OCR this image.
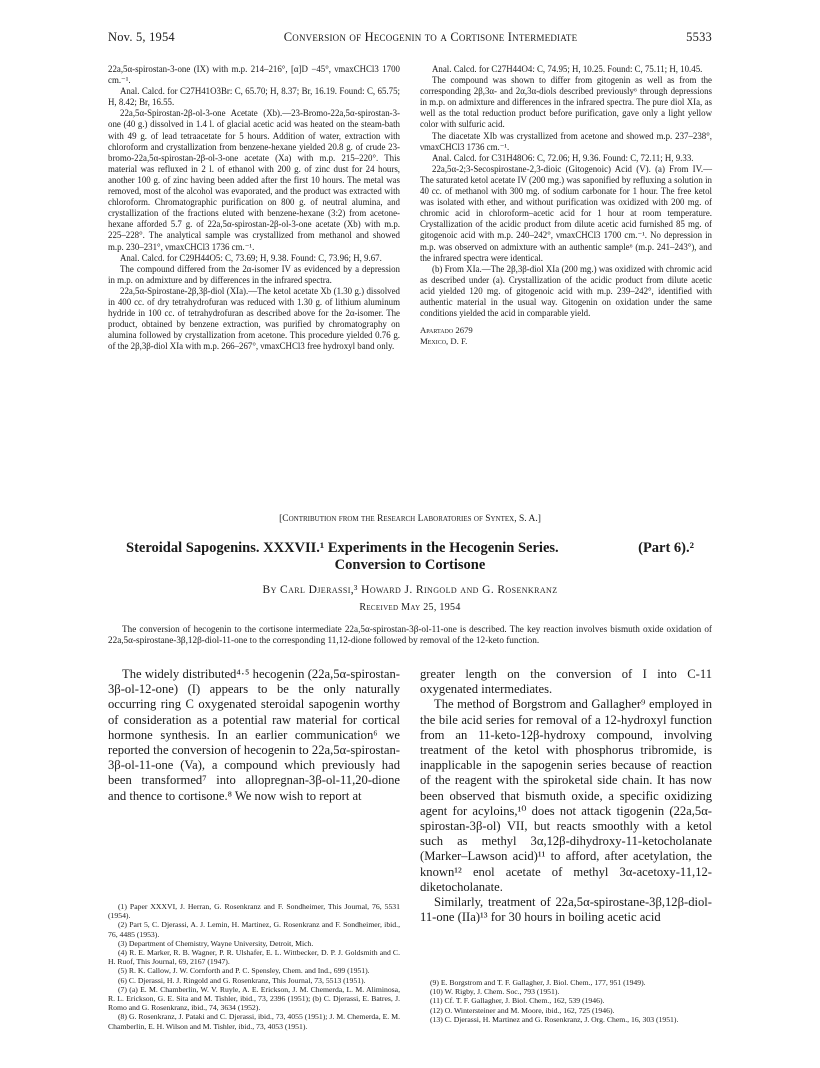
Nov. 5, 1954	Conversion of Hecogenin to a Cortisone Intermediate	5533

22a,5α-spirostan-3-one (IX) with m.p. 214–216°, [α]D −45°, νmaxCHCl3 1700 cm.⁻¹.

Anal. Calcd. for C27H41O3Br: C, 65.70; H, 8.37; Br, 16.19. Found: C, 65.75; H, 8.42; Br, 16.55.

22a,5α-Spirostan-2β-ol-3-one Acetate (Xb).—23-Bromo-22a,5α-spirostan-3-one (40 g.) dissolved in 1.4 l. of glacial acetic acid was heated on the steam-bath with 49 g. of lead tetraacetate for 5 hours. Addition of water, extraction with chloroform and crystallization from benzene-hexane yielded 20.8 g. of crude 23-bromo-22a,5α-spirostan-2β-ol-3-one acetate (Xa) with m.p. 215–220°. This material was refluxed in 2 l. of ethanol with 200 g. of zinc dust for 24 hours, another 100 g. of zinc having been added after the first 10 hours. The metal was removed, most of the alcohol was evaporated, and the product was extracted with chloroform. Chromatographic purification on 800 g. of neutral alumina, and crystallization of the fractions eluted with benzene-hexane (3:2) from acetone-hexane afforded 5.7 g. of 22a,5α-spirostan-2β-ol-3-one acetate (Xb) with m.p. 225–228°. The analytical sample was crystallized from methanol and showed m.p. 230–231°, νmaxCHCl3 1736 cm.⁻¹.

Anal. Calcd. for C29H44O5: C, 73.69; H, 9.38. Found: C, 73.96; H, 9.67.

The compound differed from the 2α-isomer IV as evidenced by a depression in m.p. on admixture and by differences in the infrared spectra.

22a,5α-Spirostane-2β,3β-diol (XIa).—The ketol acetate Xb (1.30 g.) dissolved in 400 cc. of dry tetrahydrofuran was reduced with 1.30 g. of lithium aluminum hydride in 100 cc. of tetrahydrofuran as described above for the 2α-isomer. The product, obtained by benzene extraction, was purified by chromatography on alumina followed by crystallization from acetone. This procedure yielded 0.76 g. of the 2β,3β-diol XIa with m.p. 266–267°, νmaxCHCl3 free hydroxyl band only.

Anal. Calcd. for C27H44O4: C, 74.95; H, 10.25. Found: C, 75.11; H, 10.45.

The compound was shown to differ from gitogenin as well as from the corresponding 2β,3α- and 2α,3α-diols described previously⁶ through depressions in m.p. on admixture and differences in the infrared spectra. The pure diol XIa, as well as the total reduction product before purification, gave only a light yellow color with sulfuric acid.

The diacetate XIb was crystallized from acetone and showed m.p. 237–238°, νmaxCHCl3 1736 cm.⁻¹.

Anal. Calcd. for C31H48O6: C, 72.06; H, 9.36. Found: C, 72.11; H, 9.33.

22a,5α-2;3-Secospirostane-2,3-dioic (Gitogenoic) Acid (V). (a) From IV.—The saturated ketol acetate IV (200 mg.) was saponified by refluxing a solution in 40 cc. of methanol with 300 mg. of sodium carbonate for 1 hour. The free ketol was isolated with ether, and without purification was oxidized with 200 mg. of chromic acid in chloroform–acetic acid for 1 hour at room temperature. Crystallization of the acidic product from dilute acetic acid furnished 85 mg. of gitogenoic acid with m.p. 240–242°, νmaxCHCl3 1700 cm.⁻¹. No depression in m.p. was observed on admixture with an authentic sample⁶ (m.p. 241–243°), and the infrared spectra were identical.

(b) From XIa.—The 2β,3β-diol XIa (200 mg.) was oxidized with chromic acid as described under (a). Crystallization of the acidic product from dilute acetic acid yielded 120 mg. of gitogenoic acid with m.p. 239–242°, identified with authentic material in the usual way. Gitogenin on oxidation under the same conditions yielded the acid in comparable yield.

Apartado 2679
Mexico, D. F.
[Contribution from the Research Laboratories of Syntex, S. A.]
Steroidal Sapogenins. XXXVII.¹ Experiments in the Hecogenin Series.	(Part 6).²
Conversion to Cortisone
By Carl Djerassi,³ Howard J. Ringold and G. Rosenkranz
Received May 25, 1954
The conversion of hecogenin to the cortisone intermediate 22a,5α-spirostan-3β-ol-11-one is described. The key reaction involves bismuth oxide oxidation of 22a,5α-spirostane-3β,12β-diol-11-one to the corresponding 11,12-dione followed by removal of the 12-keto function.

The widely distributed⁴·⁵ hecogenin (22a,5α-spirostan-3β-ol-12-one) (I) appears to be the only naturally occurring ring C oxygenated steroidal sapogenin worthy of consideration as a potential raw material for cortical hormone synthesis. In an earlier communication⁶ we reported the conversion of hecogenin to 22a,5α-spirostan-3β-ol-11-one (Va), a compound which previously had been transformed⁷ into allopregnan-3β-ol-11,20-dione and thence to cortisone.⁸ We now wish to report at

greater length on the conversion of I into C-11 oxygenated intermediates.

The method of Borgstrom and Gallagher⁹ employed in the bile acid series for removal of a 12-hydroxyl function from an 11-keto-12β-hydroxy compound, involving treatment of the ketol with phosphorus tribromide, is inapplicable in the sapogenin series because of reaction of the reagent with the spiroketal side chain. It has now been observed that bismuth oxide, a specific oxidizing agent for acyloins,¹⁰ does not attack tigogenin (22a,5α-spirostan-3β-ol) VII, but reacts smoothly with a ketol such as methyl 3α,12β-dihydroxy-11-ketocholanate (Marker–Lawson acid)¹¹ to afford, after acetylation, the known¹² enol acetate of methyl 3α-acetoxy-11,12-diketocholanate.

Similarly, treatment of 22a,5α-spirostane-3β,12β-diol-11-one (IIa)¹³ for 30 hours in boiling acetic acid

(1) Paper XXXVI, J. Herran, G. Rosenkranz and F. Sondheimer, This Journal, 76, 5531 (1954).
(2) Part 5, C. Djerassi, A. J. Lemin, H. Martinez, G. Rosenkranz and F. Sondheimer, ibid., 76, 4485 (1953).
(3) Department of Chemistry, Wayne University, Detroit, Mich.
(4) R. E. Marker, R. B. Wagner, P. R. Ulshafer, E. L. Wittbecker, D. P. J. Goldsmith and C. H. Ruof, This Journal, 69, 2167 (1947).
(5) R. K. Callow, J. W. Cornforth and P. C. Spensley, Chem. and Ind., 699 (1951).
(6) C. Djerassi, H. J. Ringold and G. Rosenkranz, This Journal, 73, 5513 (1951).
(7) (a) E. M. Chamberlin, W. V. Ruyle, A. E. Erickson, J. M. Chemerda, L. M. Aliminosa, R. L. Erickson, G. E. Sita and M. Tishler, ibid., 73, 2396 (1951); (b) C. Djerassi, E. Batres, J. Romo and G. Rosenkranz, ibid., 74, 3634 (1952).
(8) G. Rosenkranz, J. Pataki and C. Djerassi, ibid., 73, 4055 (1951); J. M. Chemerda, E. M. Chamberlin, E. H. Wilson and M. Tishler, ibid., 73, 4053 (1951).
(9) E. Borgstrom and T. F. Gallagher, J. Biol. Chem., 177, 951 (1949).
(10) W. Rigby, J. Chem. Soc., 793 (1951).
(11) Cf. T. F. Gallagher, J. Biol. Chem., 162, 539 (1946).
(12) O. Wintersteiner and M. Moore, ibid., 162, 725 (1946).
(13) C. Djerassi, H. Martinez and G. Rosenkranz, J. Org. Chem., 16, 303 (1951).
